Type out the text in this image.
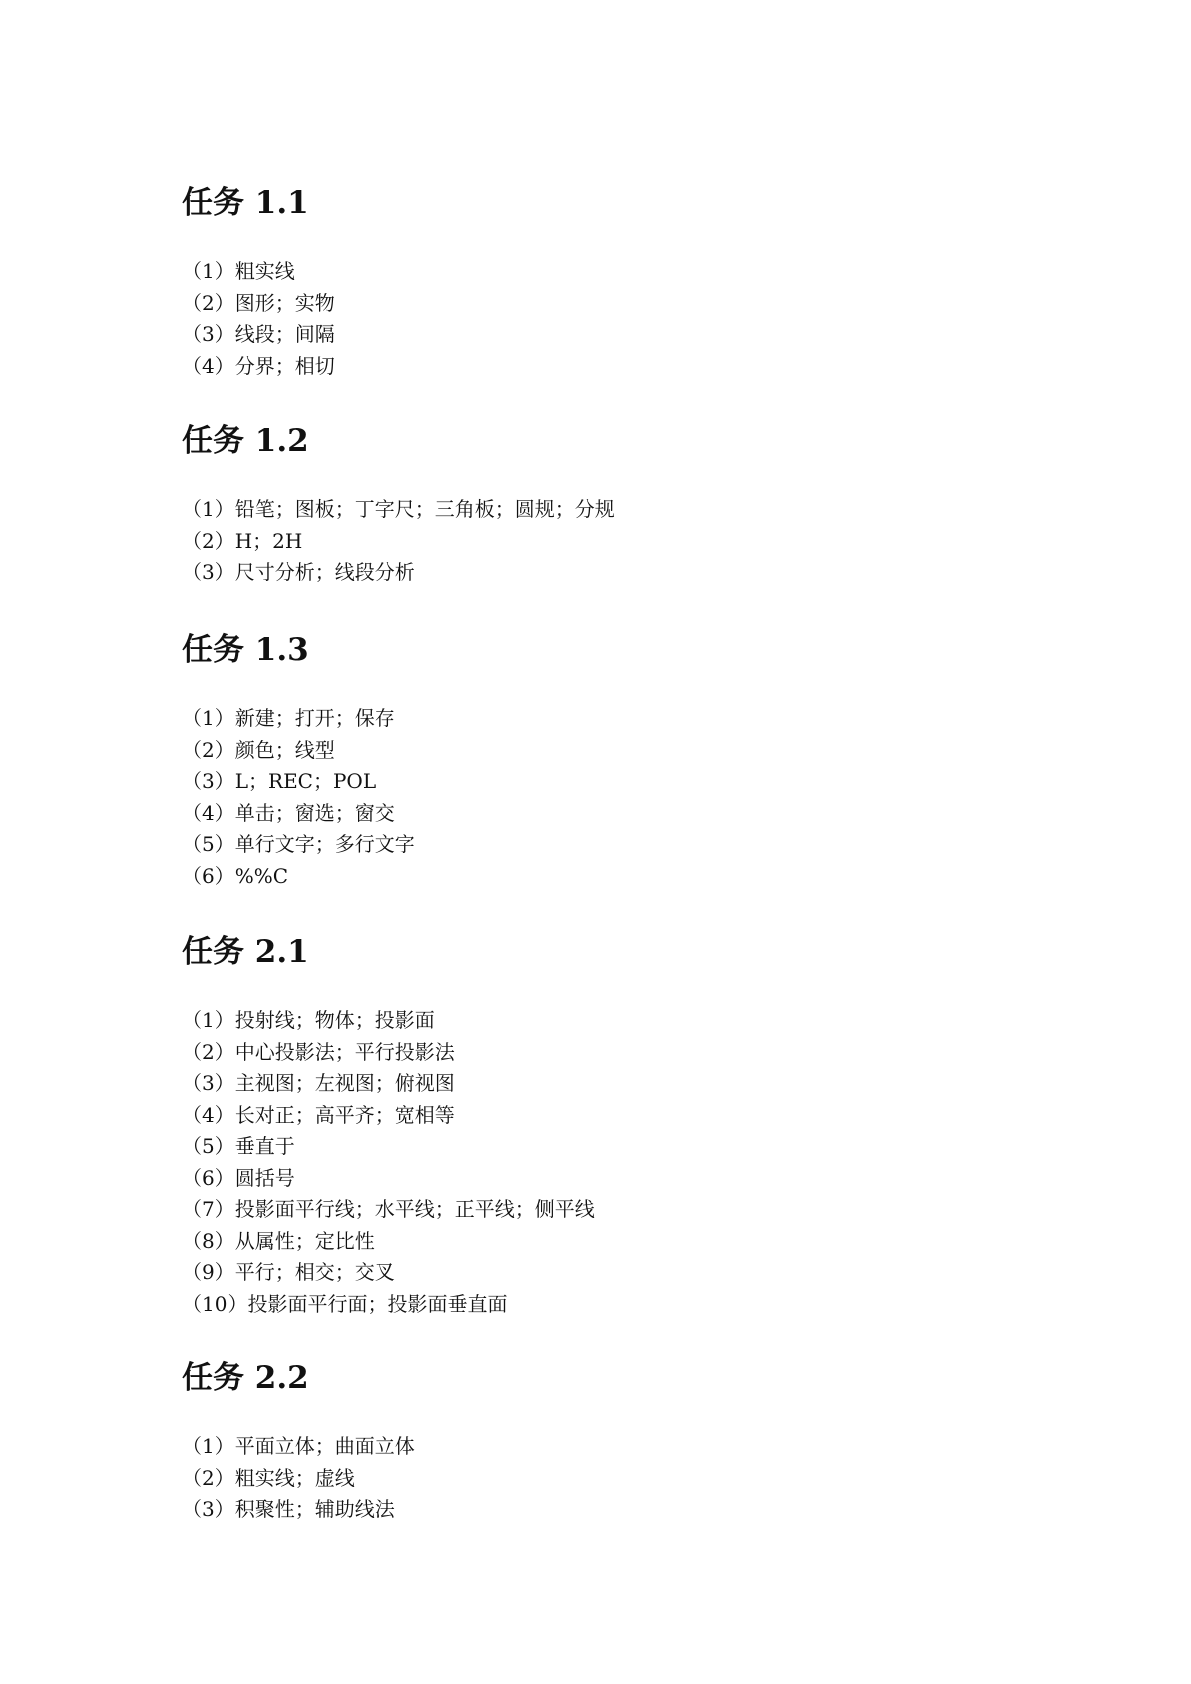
任务 1.1
（1）粗实线
（2）图形；实物
（3）线段；间隔
（4）分界；相切
任务 1.2
（1）铅笔；图板；丁字尺；三角板；圆规；分规
（2）H；2H
（3）尺寸分析；线段分析
任务 1.3
（1）新建；打开；保存
（2）颜色；线型
（3）L；REC；POL
（4）单击；窗选；窗交
（5）单行文字；多行文字
（6）%%C
任务 2.1
（1）投射线；物体；投影面
（2）中心投影法；平行投影法
（3）主视图；左视图；俯视图
（4）长对正；高平齐；宽相等
（5）垂直于
（6）圆括号
（7）投影面平行线；水平线；正平线；侧平线
（8）从属性；定比性
（9）平行；相交；交叉
（10）投影面平行面；投影面垂直面
任务 2.2
（1）平面立体；曲面立体
（2）粗实线；虚线
（3）积聚性；辅助线法
